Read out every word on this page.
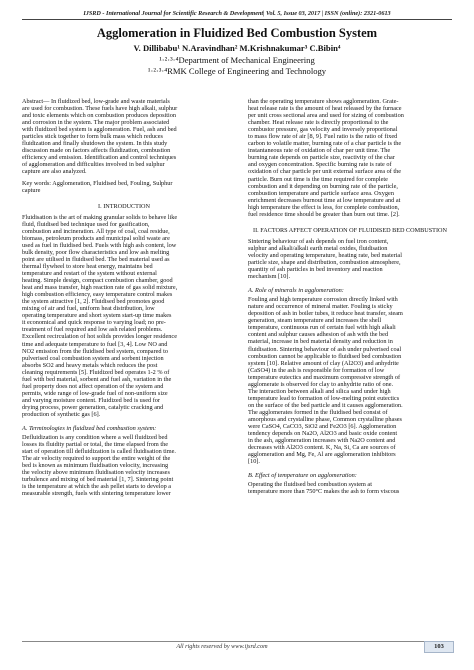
IJSRD - International Journal for Scientific Research & Development| Vol. 5, Issue 03, 2017 | ISSN (online): 2321-0613
Agglomeration in Fluidized Bed Combustion System
V. Dillibabu¹ N.Aravindhan² M.Krishnakumar³ C.Bibin⁴
¹·²·³·⁴Department of Mechanical Engineering
¹·²·³·⁴RMK College of Engineering and Technology

Abstract— In fluidized bed, low-grade and waste materials
are used for combustion. These fuels have high alkali, sulphur
and toxic elements which on combustion produces deposition
and corrosion in the system. The major problem associated
with fluidized bed system is agglomeration. Fuel, ash and bed
particles stick together to form bulk mass which reduces
fluidization and finally shutdown the system. In this study
discussion made on factors affects fluidization, combustion
efficiency and emission. Identification and control techniques
of agglomeration and difficulties involved in bed sulphur
capture are also analyzed.

Key words: Agglomeration, Fluidised bed, Fouling, Sulphur
capture

I. INTRODUCTION

Fluidisation is the art of making granular solids to behave like
fluid, fluidised bed technique used for gasification,
combustion and incineration. All type of coal, coal residue,
biomass, petroleum products and municipal solid waste are
used as fuel in fluidised bed. Fuels with high ash content, low
bulk density, poor flow characteristics and low ash melting
point are utilised in fluidised bed. The bed material used as
thermal flywheel to store heat energy, maintains bed
temperature and restart of the system without external
heating. Simple design, compact combustion chamber, good
heat and mass transfer, high reaction rate of gas solid mixture,
high combustion efficiency, easy temperature control makes
the system attractive [1, 2]. Fluidised bed promotes good
mixing of air and fuel, uniform heat distribution, low
operating temperature and short system start-up time makes
it economical and quick response to varying load; no pre-
treatment of fuel required and low ash related problems.
Excellent recirculation of hot solids provides longer residence
time and adequate temperature to fuel [3, 4]. Low NO and
NO2 emission from the fluidised bed system, compared to
pulverised coal combustion system and sorbent injection
absorbs SO2 and heavy metals which reduces the post
cleaning requirements [5]. Fluidized bed operates 1-2 % of
fuel with bed material, sorbent and fuel ash, variation in the
fuel property does not affect operation of the system and
permits, wide range of low-grade fuel of non-uniform size
and varying moisture content. Fluidized bed is used for
drying process, power generation, catalytic cracking and
production of synthetic gas [6].

A. Terminologies in fluidized bed combustion system:

Defluidization is any condition where a well fluidized bed
losses its fluidity partial or total, the time elapsed from the
start of operation till defluidization is called fluidisation time.
The air velocity required to support the entire weight of the
bed is known as minimum fluidisation velocity, increasing
the velocity above minimum fluidisation velocity increases
turbulence and mixing of bed material [1, 7]. Sintering point
is the temperature at which the ash pellet starts to develop a
measurable strength, fuels with sintering temperature lower

than the operating temperature shows agglomeration. Grate-
heat release rate is the amount of heat released by the furnace
per unit cross sectional area and used for sizing of combustion
chamber. Heat release rate is directly proportional to the
combustor pressure, gas velocity and inversely proportional
to mass flow rate of air [8, 9]. Fuel ratio is the ratio of fixed
carbon to volatile matter, burning rate of a char particle is the
instantaneous rate of oxidation of char per unit time. The
burning rate depends on particle size, reactivity of the char
and oxygen concentration. Specific burning rate is rate of
oxidation of char particle per unit external surface area of the
particle. Burn out time is the time required for complete
combustion and it depending on burning rate of the particle,
combustion temperature and particle surface area. Oxygen
enrichment decreases burnout time at low temperature and at
high temperature the effect is less, for complete combustion,
fuel residence time should be greater than burn out time. [2].

II. FACTORS AFFECT OPERATION OF FLUIDISED BED COMBUSTION

Sintering behaviour of ash depends on fuel iron content,
sulphur and alkali/alkali earth metal oxides, fluidisation
velocity and operating temperature, heating rate, bed material
particle size, shape and distribution, combustion atmosphere,
quantity of ash particles in bed inventory and reaction
mechanism [10].

A. Role of minerals in agglomeration:

Fouling and high temperature corrosion directly linked with
nature and occurrence of mineral matter. Fouling is sticky
deposition of ash in boiler tubes, it reduce heat transfer, steam
generation, steam temperature and increases the shell
temperature, continuous run of certain fuel with high alkali
content and sulphur causes adhesion of ash with the bed
material, increase in bed material density and reduction in
fluidisation. Sintering behaviour of ash under pulverised coal
combustion cannot be applicable to fluidised bed combustion
system [10]. Relative amount of clay (Al2O3) and anhydrite
(CaSO4) in the ash is responsible for formation of low
temperature eutectics and maximum compressive strength of
agglomerate is observed for clay to anhydrite ratio of one.
The interaction between alkali and silica sand under high
temperature lead to formation of low-melting point eutectics
on the surface of the bed particle and it causes agglomeration.
The agglomerates formed in the fluidised bed consist of
amorphous and crystalline phase, Common crystalline phases
were CaSO4, CaCO3, SiO2 and Fe2O3 [6]. Agglomeration
tendency depends on Na2O, Al2O3 and basic oxide content
in the ash, agglomeration increases with Na2O content and
decreases with Al2O3 content. K, Na, Si, Ca are sources of
agglomeration and Mg, Fe, Al are agglomeration inhibitors
[10].

B. Effect of temperature on agglomeration:

Operating the fluidised bed combustion system at
temperature more than 750°C makes the ash to form viscous

All rights reserved by www.ijsrd.com	103
